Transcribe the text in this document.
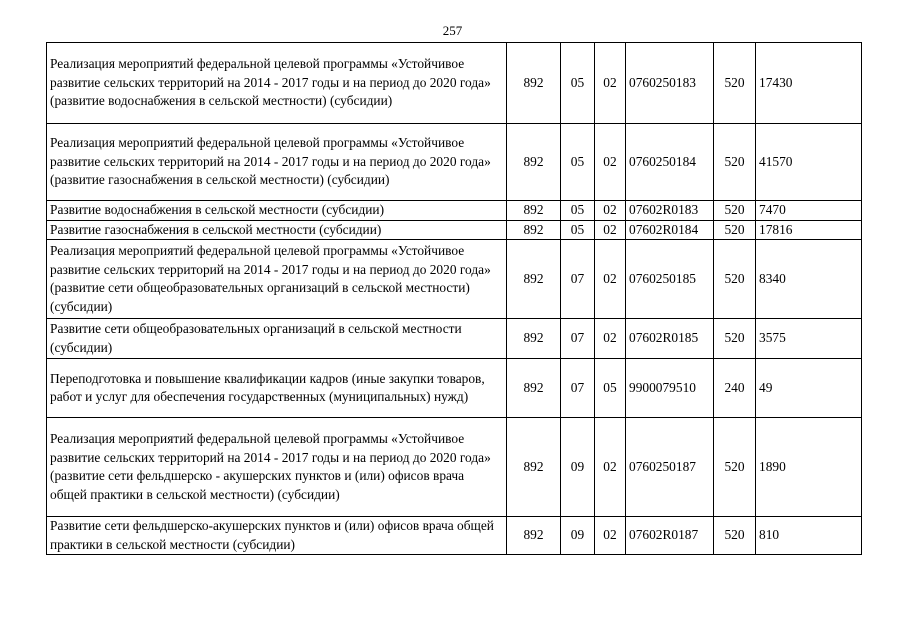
257
Реализация мероприятий федеральной целевой программы «Устойчивое развитие сельских территорий на 2014 - 2017 годы и на период до 2020 года» (развитие водоснабжения в сельской местности) (субсидии)	892	05	02	0760250183	520	17430
Реализация мероприятий федеральной целевой программы «Устойчивое развитие сельских территорий на 2014 - 2017 годы и на период до 2020 года» (развитие газоснабжения в сельской местности) (субсидии)	892	05	02	0760250184	520	41570
Развитие водоснабжения в сельской местности (субсидии)	892	05	02	07602R0183	520	7470
Развитие газоснабжения в сельской местности (субсидии)	892	05	02	07602R0184	520	17816
Реализация мероприятий федеральной целевой программы «Устойчивое развитие сельских территорий на 2014 - 2017 годы и на период до 2020 года» (развитие сети общеобразовательных организаций в сельской местности) (субсидии)	892	07	02	0760250185	520	8340
Развитие сети общеобразовательных организаций в сельской местности (субсидии)	892	07	02	07602R0185	520	3575
Переподготовка и повышение квалификации кадров (иные закупки товаров, работ и услуг для обеспечения государственных (муниципальных) нужд)	892	07	05	9900079510	240	49
Реализация мероприятий федеральной целевой программы «Устойчивое развитие сельских территорий на 2014 - 2017 годы и на период до 2020 года» (развитие сети фельдшерско - акушерских пунктов и (или) офисов врача общей практики в сельской местности) (субсидии)	892	09	02	0760250187	520	1890
Развитие сети фельдшерско-акушерских пунктов и (или) офисов врача общей практики в сельской местности (субсидии)	892	09	02	07602R0187	520	810
